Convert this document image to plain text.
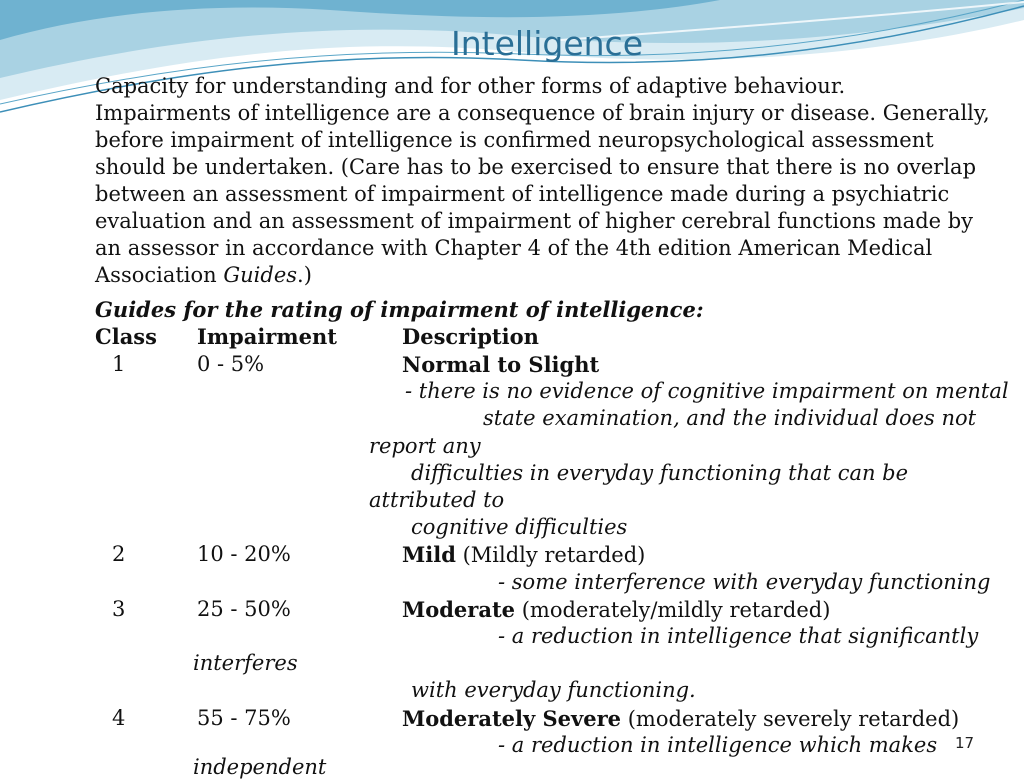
Intelligence

Capacity for understanding and for other forms of adaptive behaviour.

Impairments of intelligence are a consequence of brain injury or disease. Generally,

before impairment of intelligence is confirmed neuropsychological assessment

should be undertaken. (Care has to be exercised to ensure that there is no overlap

between an assessment of impairment of intelligence made during a psychiatric

evaluation and an assessment of impairment of higher cerebral functions made by

an assessor in accordance with Chapter 4 of the 4th edition American Medical

Association Guides.)

Guides for the rating of impairment of intelligence:

Class Impairment	Description

1	0 - 5%	Normal to Slight

- there is no evidence of cognitive impairment on mental

state examination, and the individual does not

report any

difficulties in everyday functioning that can be

attributed to

cognitive difficulties

2	10 - 20%	Mild (Mildly retarded)

- some interference with everyday functioning

3	25 - 50%	Moderate (moderately/mildly retarded)

- a reduction in intelligence that significantly

interferes

with everyday functioning.

4	55 - 75%	Moderately Severe (moderately severely retarded)

- a reduction in intelligence which makes

independent

17
